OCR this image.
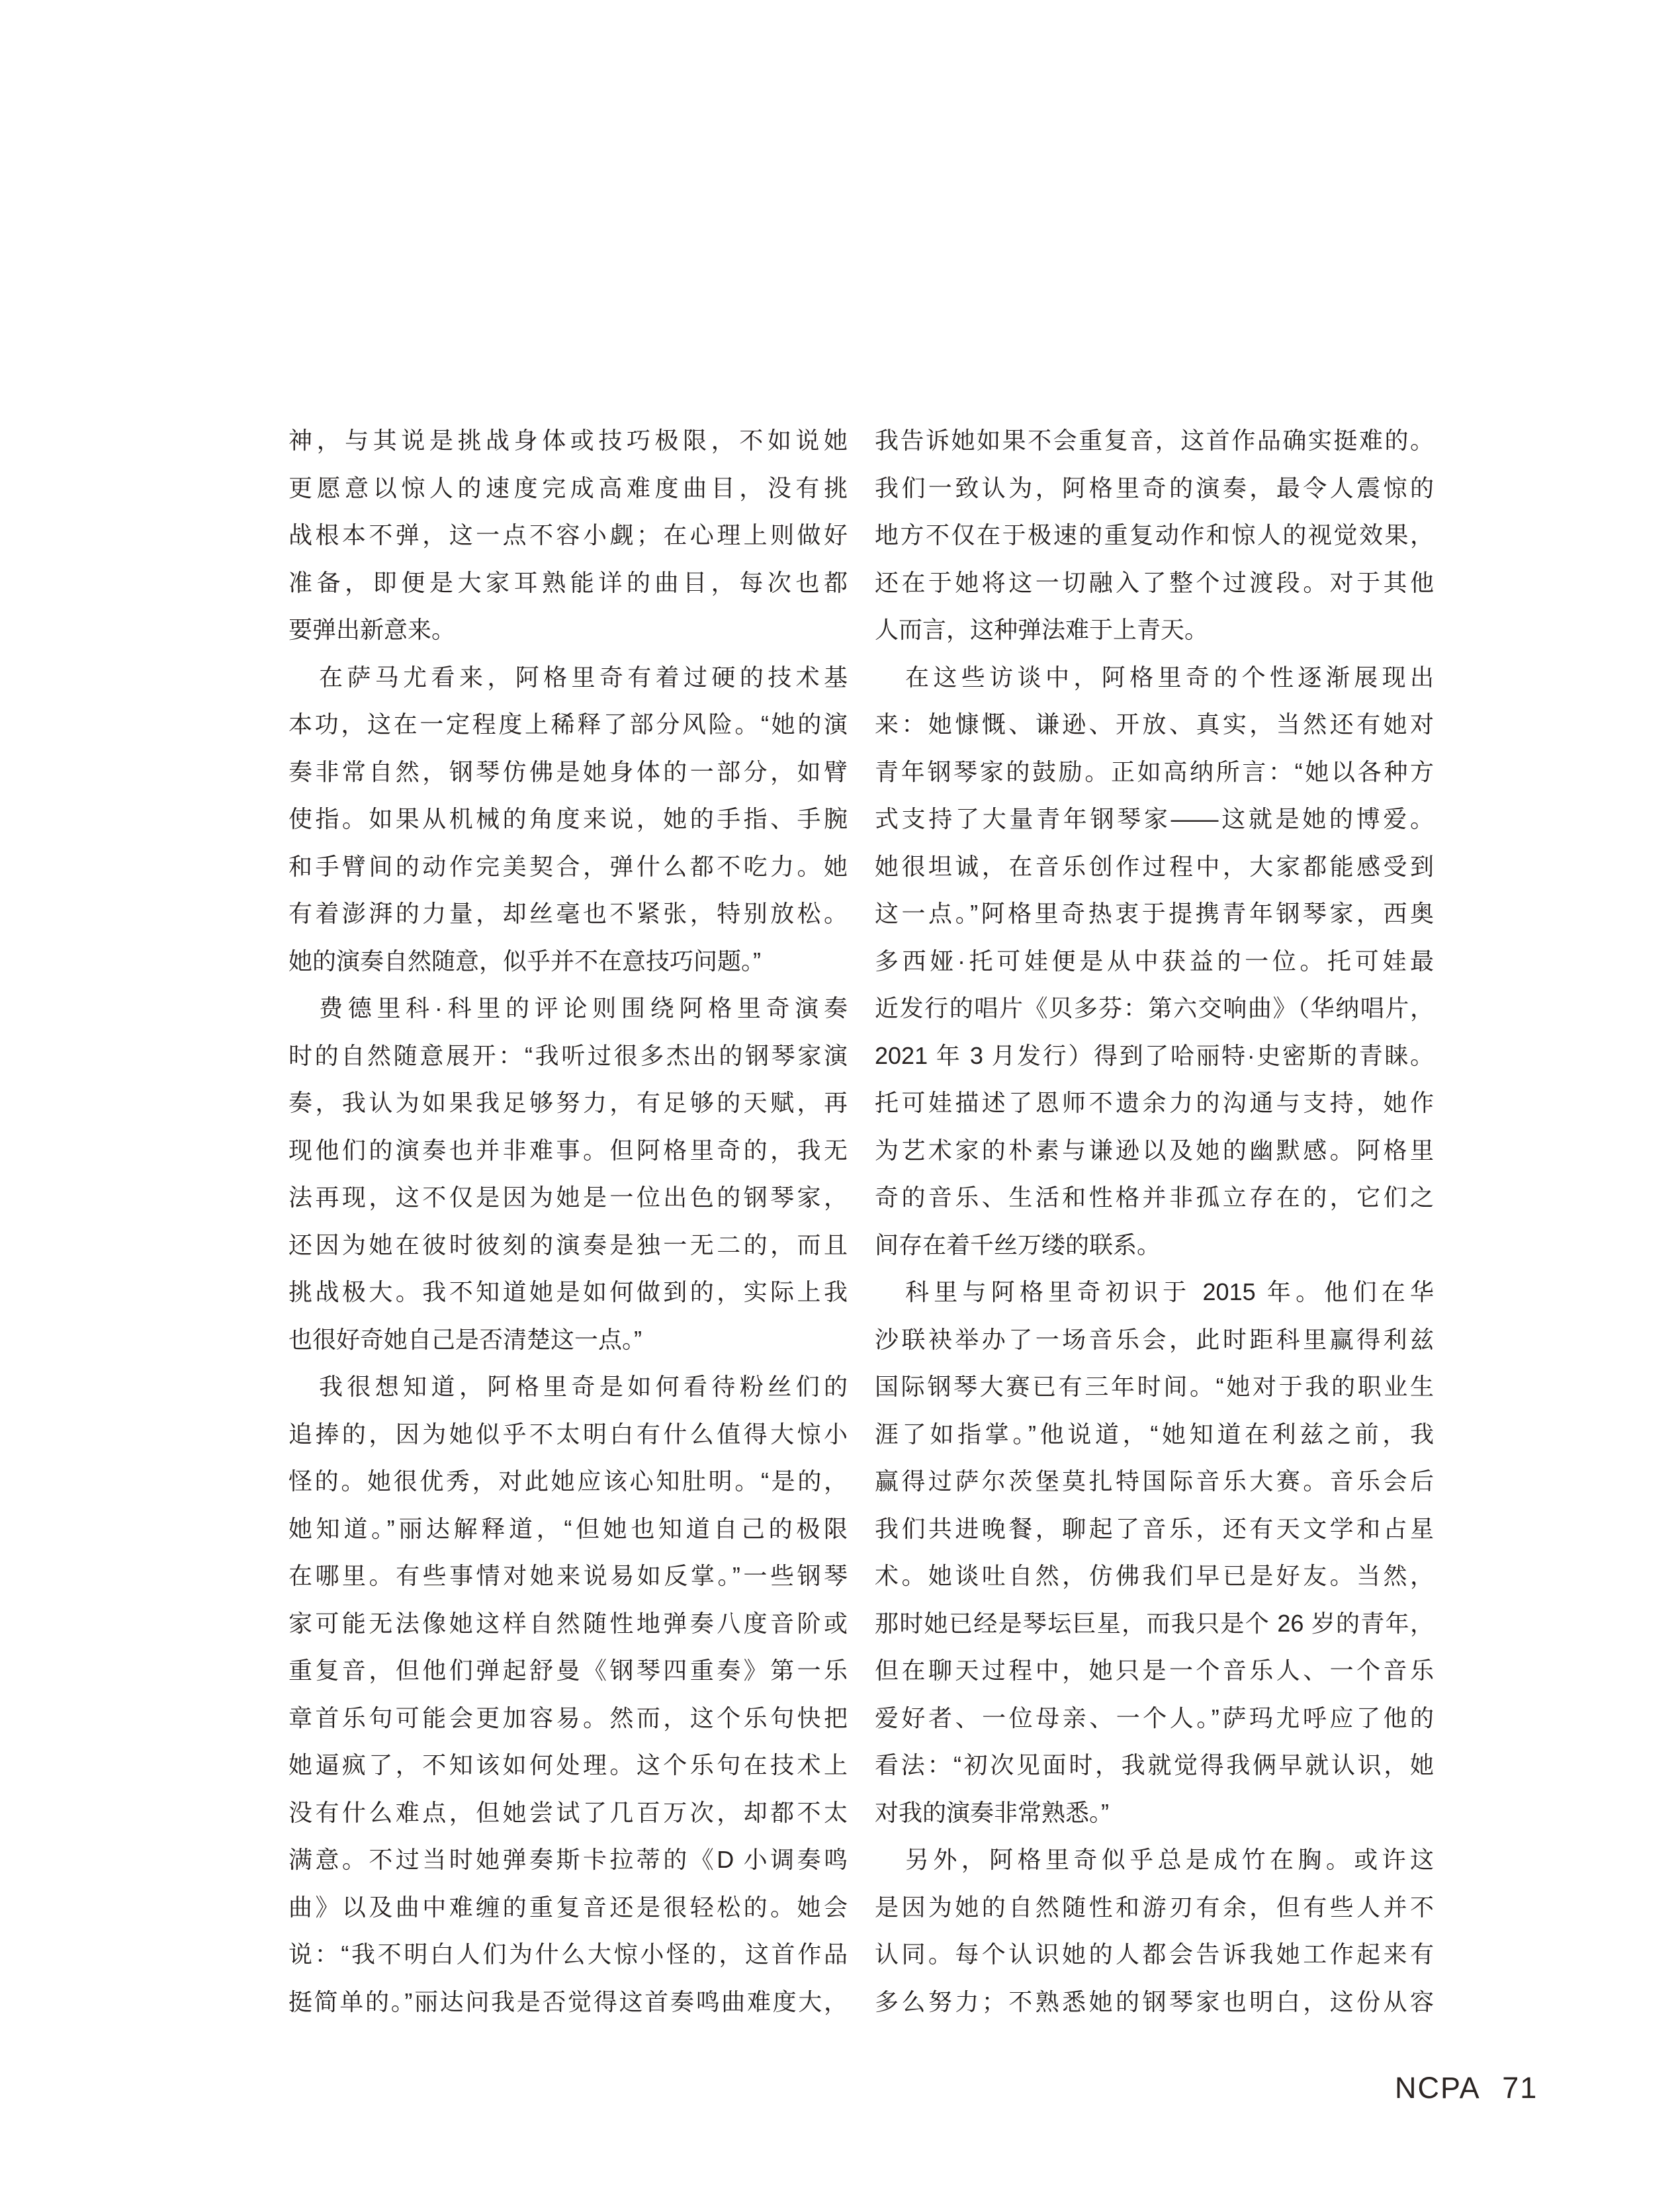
神，与其说是挑战身体或技巧极限，不如说她
更愿意以惊人的速度完成高难度曲目，没有挑
战根本不弹，这一点不容小觑；在心理上则做好
准备，即便是大家耳熟能详的曲目，每次也都
要弹出新意来。
在萨马尤看来，阿格里奇有着过硬的技术基
本功，这在一定程度上稀释了部分风险。“她的演
奏非常自然，钢琴仿佛是她身体的一部分，如臂
使指。如果从机械的角度来说，她的手指、手腕
和手臂间的动作完美契合，弹什么都不吃力。她
有着澎湃的力量，却丝毫也不紧张，特别放松。
她的演奏自然随意，似乎并不在意技巧问题。”
费德里科·科里的评论则围绕阿格里奇演奏
时的自然随意展开：“我听过很多杰出的钢琴家演
奏，我认为如果我足够努力，有足够的天赋，再
现他们的演奏也并非难事。但阿格里奇的，我无
法再现，这不仅是因为她是一位出色的钢琴家，
还因为她在彼时彼刻的演奏是独一无二的，而且
挑战极大。我不知道她是如何做到的，实际上我
也很好奇她自己是否清楚这一点。”
我很想知道，阿格里奇是如何看待粉丝们的
追捧的，因为她似乎不太明白有什么值得大惊小
怪的。她很优秀，对此她应该心知肚明。“是的，
她知道。”丽达解释道，“但她也知道自己的极限
在哪里。有些事情对她来说易如反掌。”一些钢琴
家可能无法像她这样自然随性地弹奏八度音阶或
重复音，但他们弹起舒曼《钢琴四重奏》第一乐
章首乐句可能会更加容易。然而，这个乐句快把
她逼疯了，不知该如何处理。这个乐句在技术上
没有什么难点，但她尝试了几百万次，却都不太
满意。不过当时她弹奏斯卡拉蒂的《D 小调奏鸣
曲》以及曲中难缠的重复音还是很轻松的。她会
说：“我不明白人们为什么大惊小怪的，这首作品
挺简单的。”丽达问我是否觉得这首奏鸣曲难度大，
我告诉她如果不会重复音，这首作品确实挺难的。
我们一致认为，阿格里奇的演奏，最令人震惊的
地方不仅在于极速的重复动作和惊人的视觉效果，
还在于她将这一切融入了整个过渡段。对于其他
人而言，这种弹法难于上青天。
在这些访谈中，阿格里奇的个性逐渐展现出
来：她慷慨、谦逊、开放、真实，当然还有她对
青年钢琴家的鼓励。正如高纳所言：“她以各种方
式支持了大量青年钢琴家——这就是她的博爱。
她很坦诚，在音乐创作过程中，大家都能感受到
这一点。”阿格里奇热衷于提携青年钢琴家，西奥
多西娅·托可娃便是从中获益的一位。托可娃最
近发行的唱片《贝多芬：第六交响曲》（华纳唱片，
2021 年 3 月发行）得到了哈丽特·史密斯的青睐。
托可娃描述了恩师不遗余力的沟通与支持，她作
为艺术家的朴素与谦逊以及她的幽默感。阿格里
奇的音乐、生活和性格并非孤立存在的，它们之
间存在着千丝万缕的联系。
科里与阿格里奇初识于 2015 年。他们在华
沙联袂举办了一场音乐会，此时距科里赢得利兹
国际钢琴大赛已有三年时间。“她对于我的职业生
涯了如指掌。”他说道，“她知道在利兹之前，我
赢得过萨尔茨堡莫扎特国际音乐大赛。音乐会后
我们共进晚餐，聊起了音乐，还有天文学和占星
术。她谈吐自然，仿佛我们早已是好友。当然，
那时她已经是琴坛巨星，而我只是个 26 岁的青年，
但在聊天过程中，她只是一个音乐人、一个音乐
爱好者、一位母亲、一个人。”萨玛尤呼应了他的
看法：“初次见面时，我就觉得我俩早就认识，她
对我的演奏非常熟悉。”
另外，阿格里奇似乎总是成竹在胸。或许这
是因为她的自然随性和游刃有余，但有些人并不
认同。每个认识她的人都会告诉我她工作起来有
多么努力；不熟悉她的钢琴家也明白，这份从容
NCPA 71
